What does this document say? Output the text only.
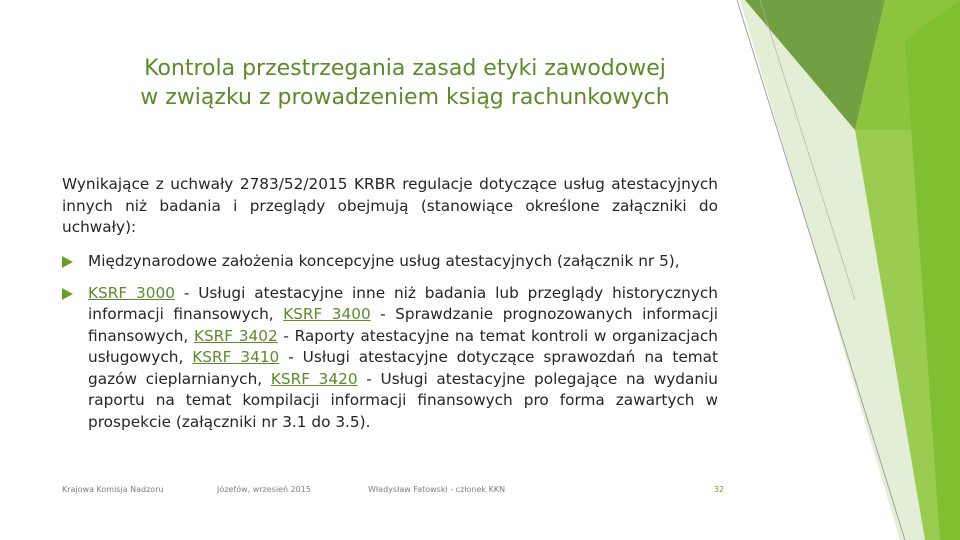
Kontrola przestrzegania zasad etyki zawodowej
w związku z prowadzeniem ksiąg rachunkowych
Wynikające z uchwały 2783/52/2015 KRBR regulacje dotyczące usług atestacyjnych innych niż badania i przeglądy obejmują (stanowiące określone załączniki do uchwały):
Międzynarodowe założenia koncepcyjne usług atestacyjnych (załącznik nr 5),
KSRF 3000 - Usługi atestacyjne inne niż badania lub przeglądy historycznych informacji finansowych, KSRF 3400 - Sprawdzanie prognozowanych informacji finansowych, KSRF 3402 - Raporty atestacyjne na temat kontroli w organizacjach usługowych, KSRF 3410 - Usługi atestacyjne dotyczące sprawozdań na temat gazów cieplarnianych, KSRF 3420 - Usługi atestacyjne polegające na wydaniu raportu na temat kompilacji informacji finansowych pro forma zawartych w prospekcie (załączniki nr 3.1 do 3.5).
Krajowa Komisja Nadzoru	Józefów, wrzesień 2015	Władysław Fatowski - członek KKN	32
